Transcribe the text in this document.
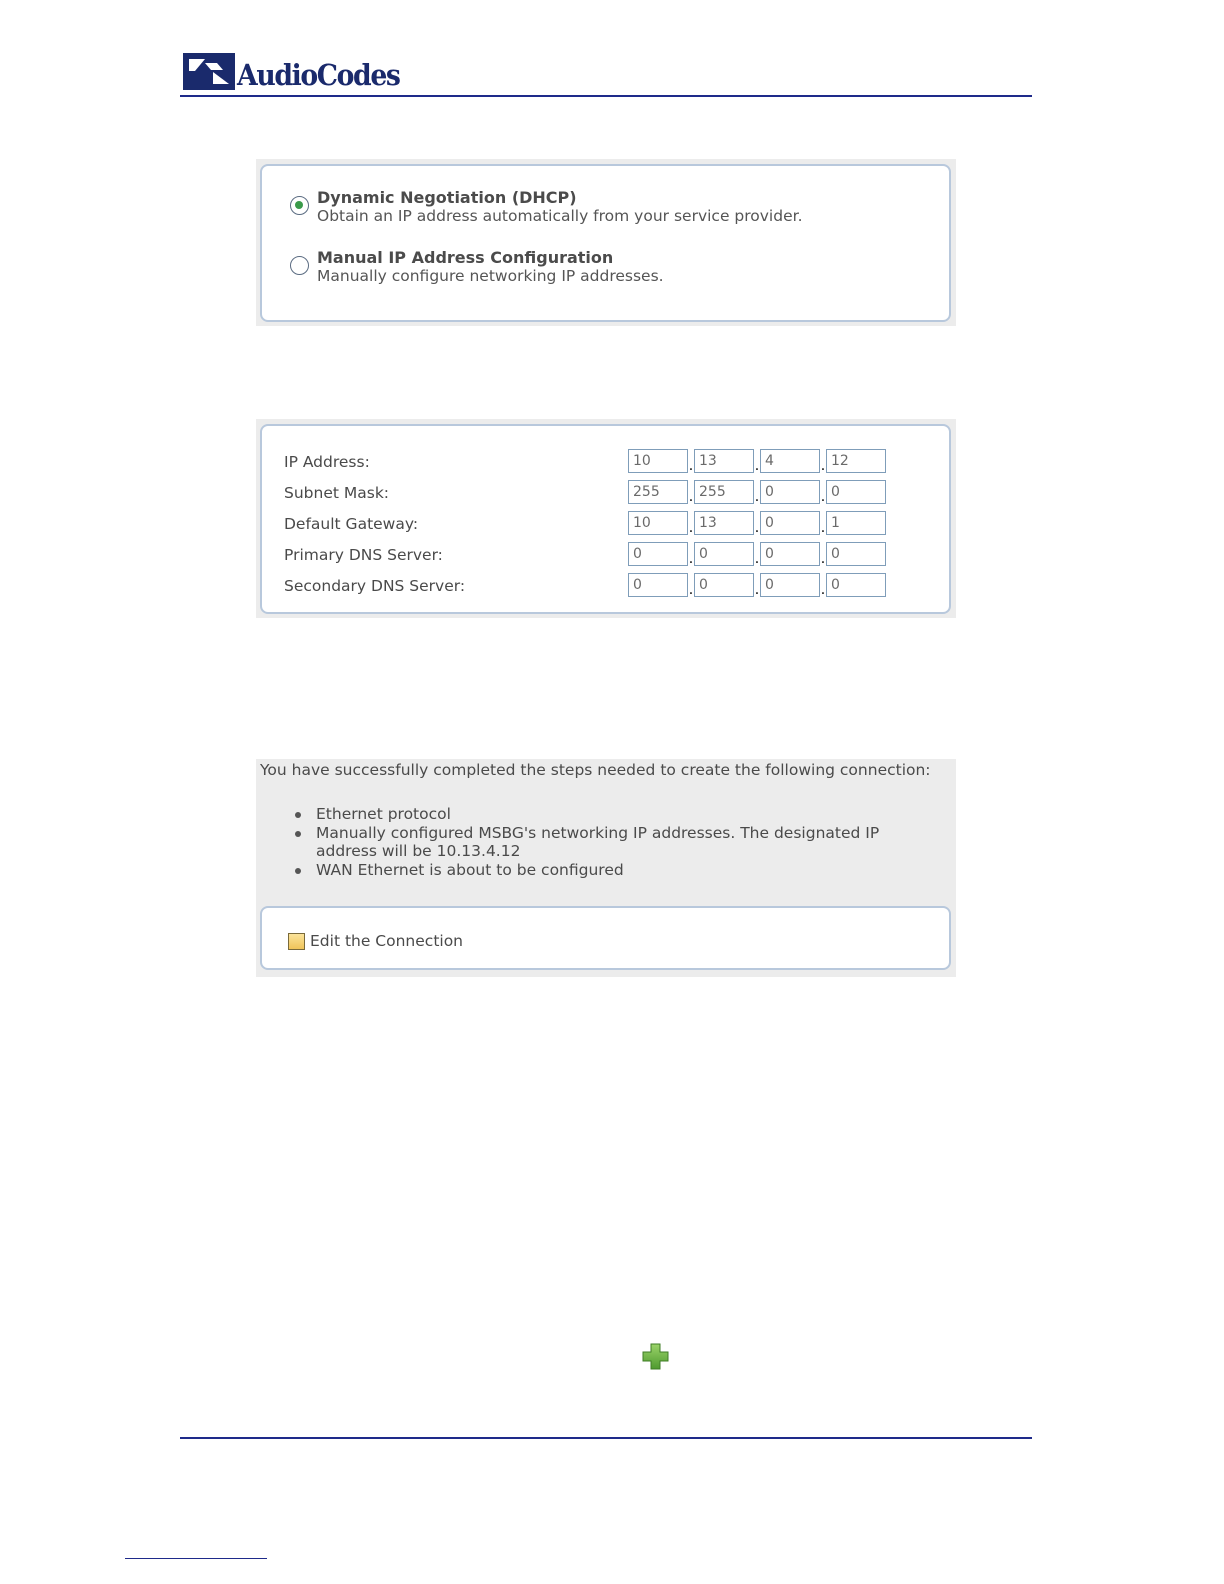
AudioCodes
Dynamic Negotiation (DHCP)
Obtain an IP address automatically from your service provider.
Manual IP Address Configuration
Manually configure networking IP addresses.
IP Address:
10	.
13	.
4	.
12
Subnet Mask:
255	.
255	.
0	.
0
Default Gateway:
10	.
13	.
0	.
1
Primary DNS Server:
0	.
0	.
0	.
0
Secondary DNS Server:
0	.
0	.
0	.
0
You have successfully completed the steps needed to create the following connection:
Ethernet protocol
Manually configured MSBG's networking IP addresses. The designated IP address will be 10.13.4.12
WAN Ethernet is about to be configured
Edit the Connection
